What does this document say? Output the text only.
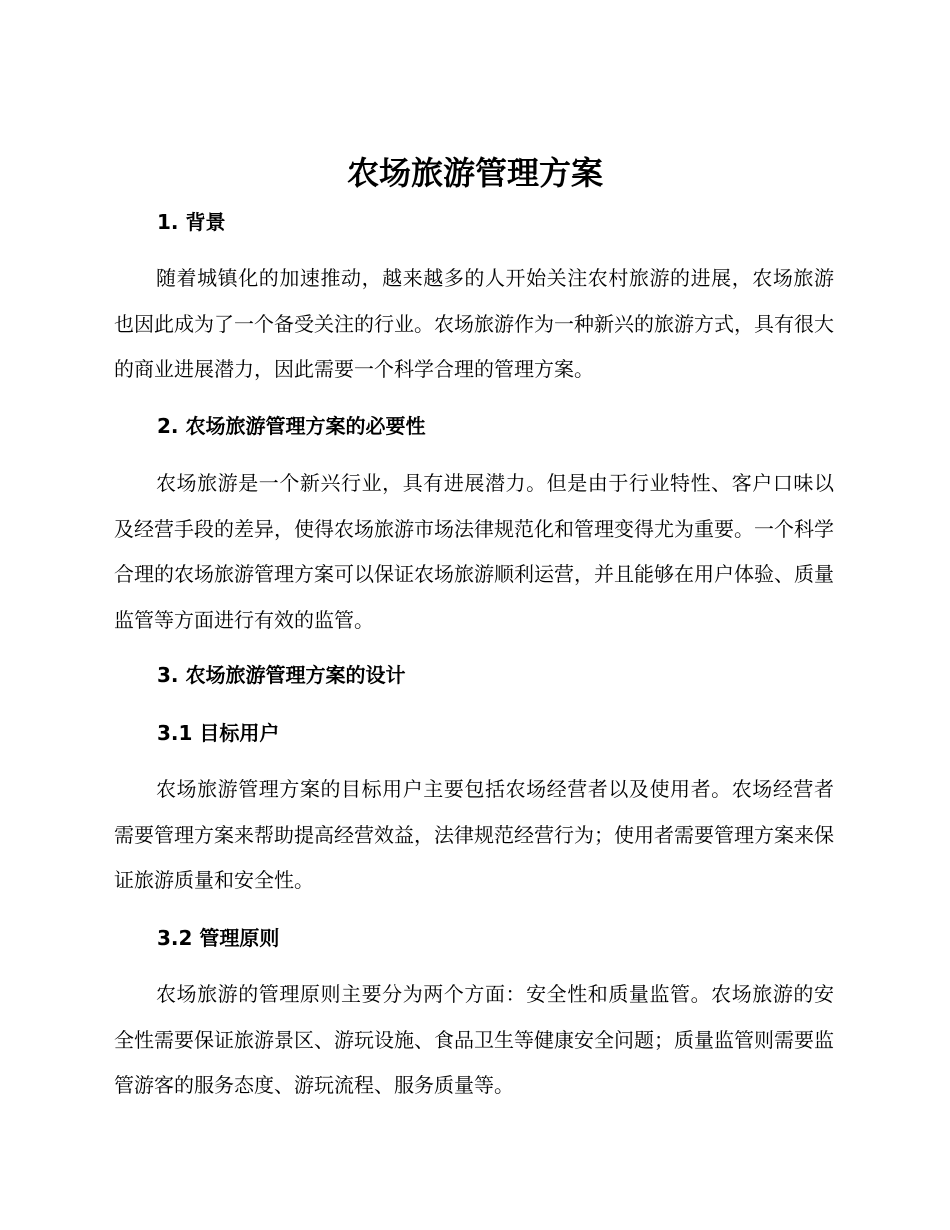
农场旅游管理方案
1. 背景

随着城镇化的加速推动，越来越多的人开始关注农村旅游的进展，农场旅游也因此成为了一个备受关注的行业。农场旅游作为一种新兴的旅游方式，具有很大的商业进展潜力，因此需要一个科学合理的管理方案。

2. 农场旅游管理方案的必要性

农场旅游是一个新兴行业，具有进展潜力。但是由于行业特性、客户口味以及经营手段的差异，使得农场旅游市场法律规范化和管理变得尤为重要。一个科学合理的农场旅游管理方案可以保证农场旅游顺利运营，并且能够在用户体验、质量监管等方面进行有效的监管。

3. 农场旅游管理方案的设计
3.1 目标用户

农场旅游管理方案的目标用户主要包括农场经营者以及使用者。农场经营者需要管理方案来帮助提高经营效益，法律规范经营行为；使用者需要管理方案来保证旅游质量和安全性。

3.2 管理原则

农场旅游的管理原则主要分为两个方面：安全性和质量监管。农场旅游的安全性需要保证旅游景区、游玩设施、食品卫生等健康安全问题；质量监管则需要监管游客的服务态度、游玩流程、服务质量等。
